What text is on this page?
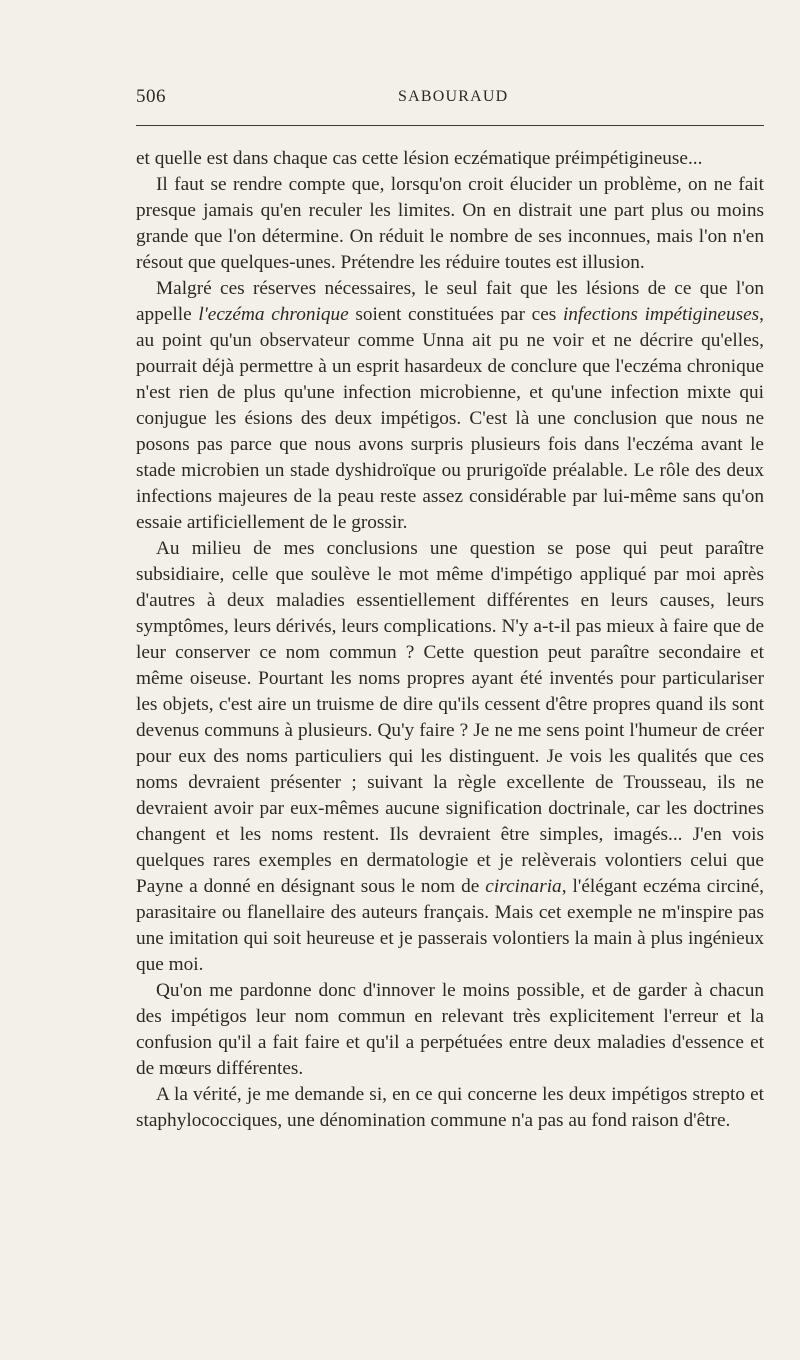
506	SABOURAUD

et quelle est dans chaque cas cette lésion eczématique préimpétigineuse...

Il faut se rendre compte que, lorsqu'on croit élucider un problème, on ne fait presque jamais qu'en reculer les limites. On en distrait une part plus ou moins grande que l'on détermine. On réduit le nombre de ses inconnues, mais l'on n'en résout que quelques-unes. Prétendre les réduire toutes est illusion.

Malgré ces réserves nécessaires, le seul fait que les lésions de ce que l'on appelle l'eczéma chronique soient constituées par ces infections impétigineuses, au point qu'un observateur comme Unna ait pu ne voir et ne décrire qu'elles, pourrait déjà permettre à un esprit hasardeux de conclure que l'eczéma chronique n'est rien de plus qu'une infection microbienne, et qu'une infection mixte qui conjugue les ésions des deux impétigos. C'est là une conclusion que nous ne posons pas parce que nous avons surpris plusieurs fois dans l'eczéma avant le stade microbien un stade dyshidroïque ou prurigoïde préalable. Le rôle des deux infections majeures de la peau reste assez considérable par lui-même sans qu'on essaie artificiellement de le grossir.

Au milieu de mes conclusions une question se pose qui peut paraître subsidiaire, celle que soulève le mot même d'impétigo appliqué par moi après d'autres à deux maladies essentiellement différentes en leurs causes, leurs symptômes, leurs dérivés, leurs complications. N'y a-t-il pas mieux à faire que de leur conserver ce nom commun ? Cette question peut paraître secondaire et même oiseuse. Pourtant les noms propres ayant été inventés pour particulariser les objets, c'est aire un truisme de dire qu'ils cessent d'être propres quand ils sont devenus communs à plusieurs. Qu'y faire ? Je ne me sens point l'humeur de créer pour eux des noms particuliers qui les distinguent. Je vois les qualités que ces noms devraient présenter ; suivant la règle excellente de Trousseau, ils ne devraient avoir par eux-mêmes aucune signification doctrinale, car les doctrines changent et les noms restent. Ils devraient être simples, imagés... J'en vois quelques rares exemples en dermatologie et je relèverais volontiers celui que Payne a donné en désignant sous le nom de circinaria, l'élégant eczéma circiné, parasitaire ou flanellaire des auteurs français. Mais cet exemple ne m'inspire pas une imitation qui soit heureuse et je passerais volontiers la main à plus ingénieux que moi.

Qu'on me pardonne donc d'innover le moins possible, et de garder à chacun des impétigos leur nom commun en relevant très explicitement l'erreur et la confusion qu'il a fait faire et qu'il a perpétuées entre deux maladies d'essence et de mœurs différentes.

A la vérité, je me demande si, en ce qui concerne les deux impétigos strepto et staphylococciques, une dénomination commune n'a pas au fond raison d'être.
